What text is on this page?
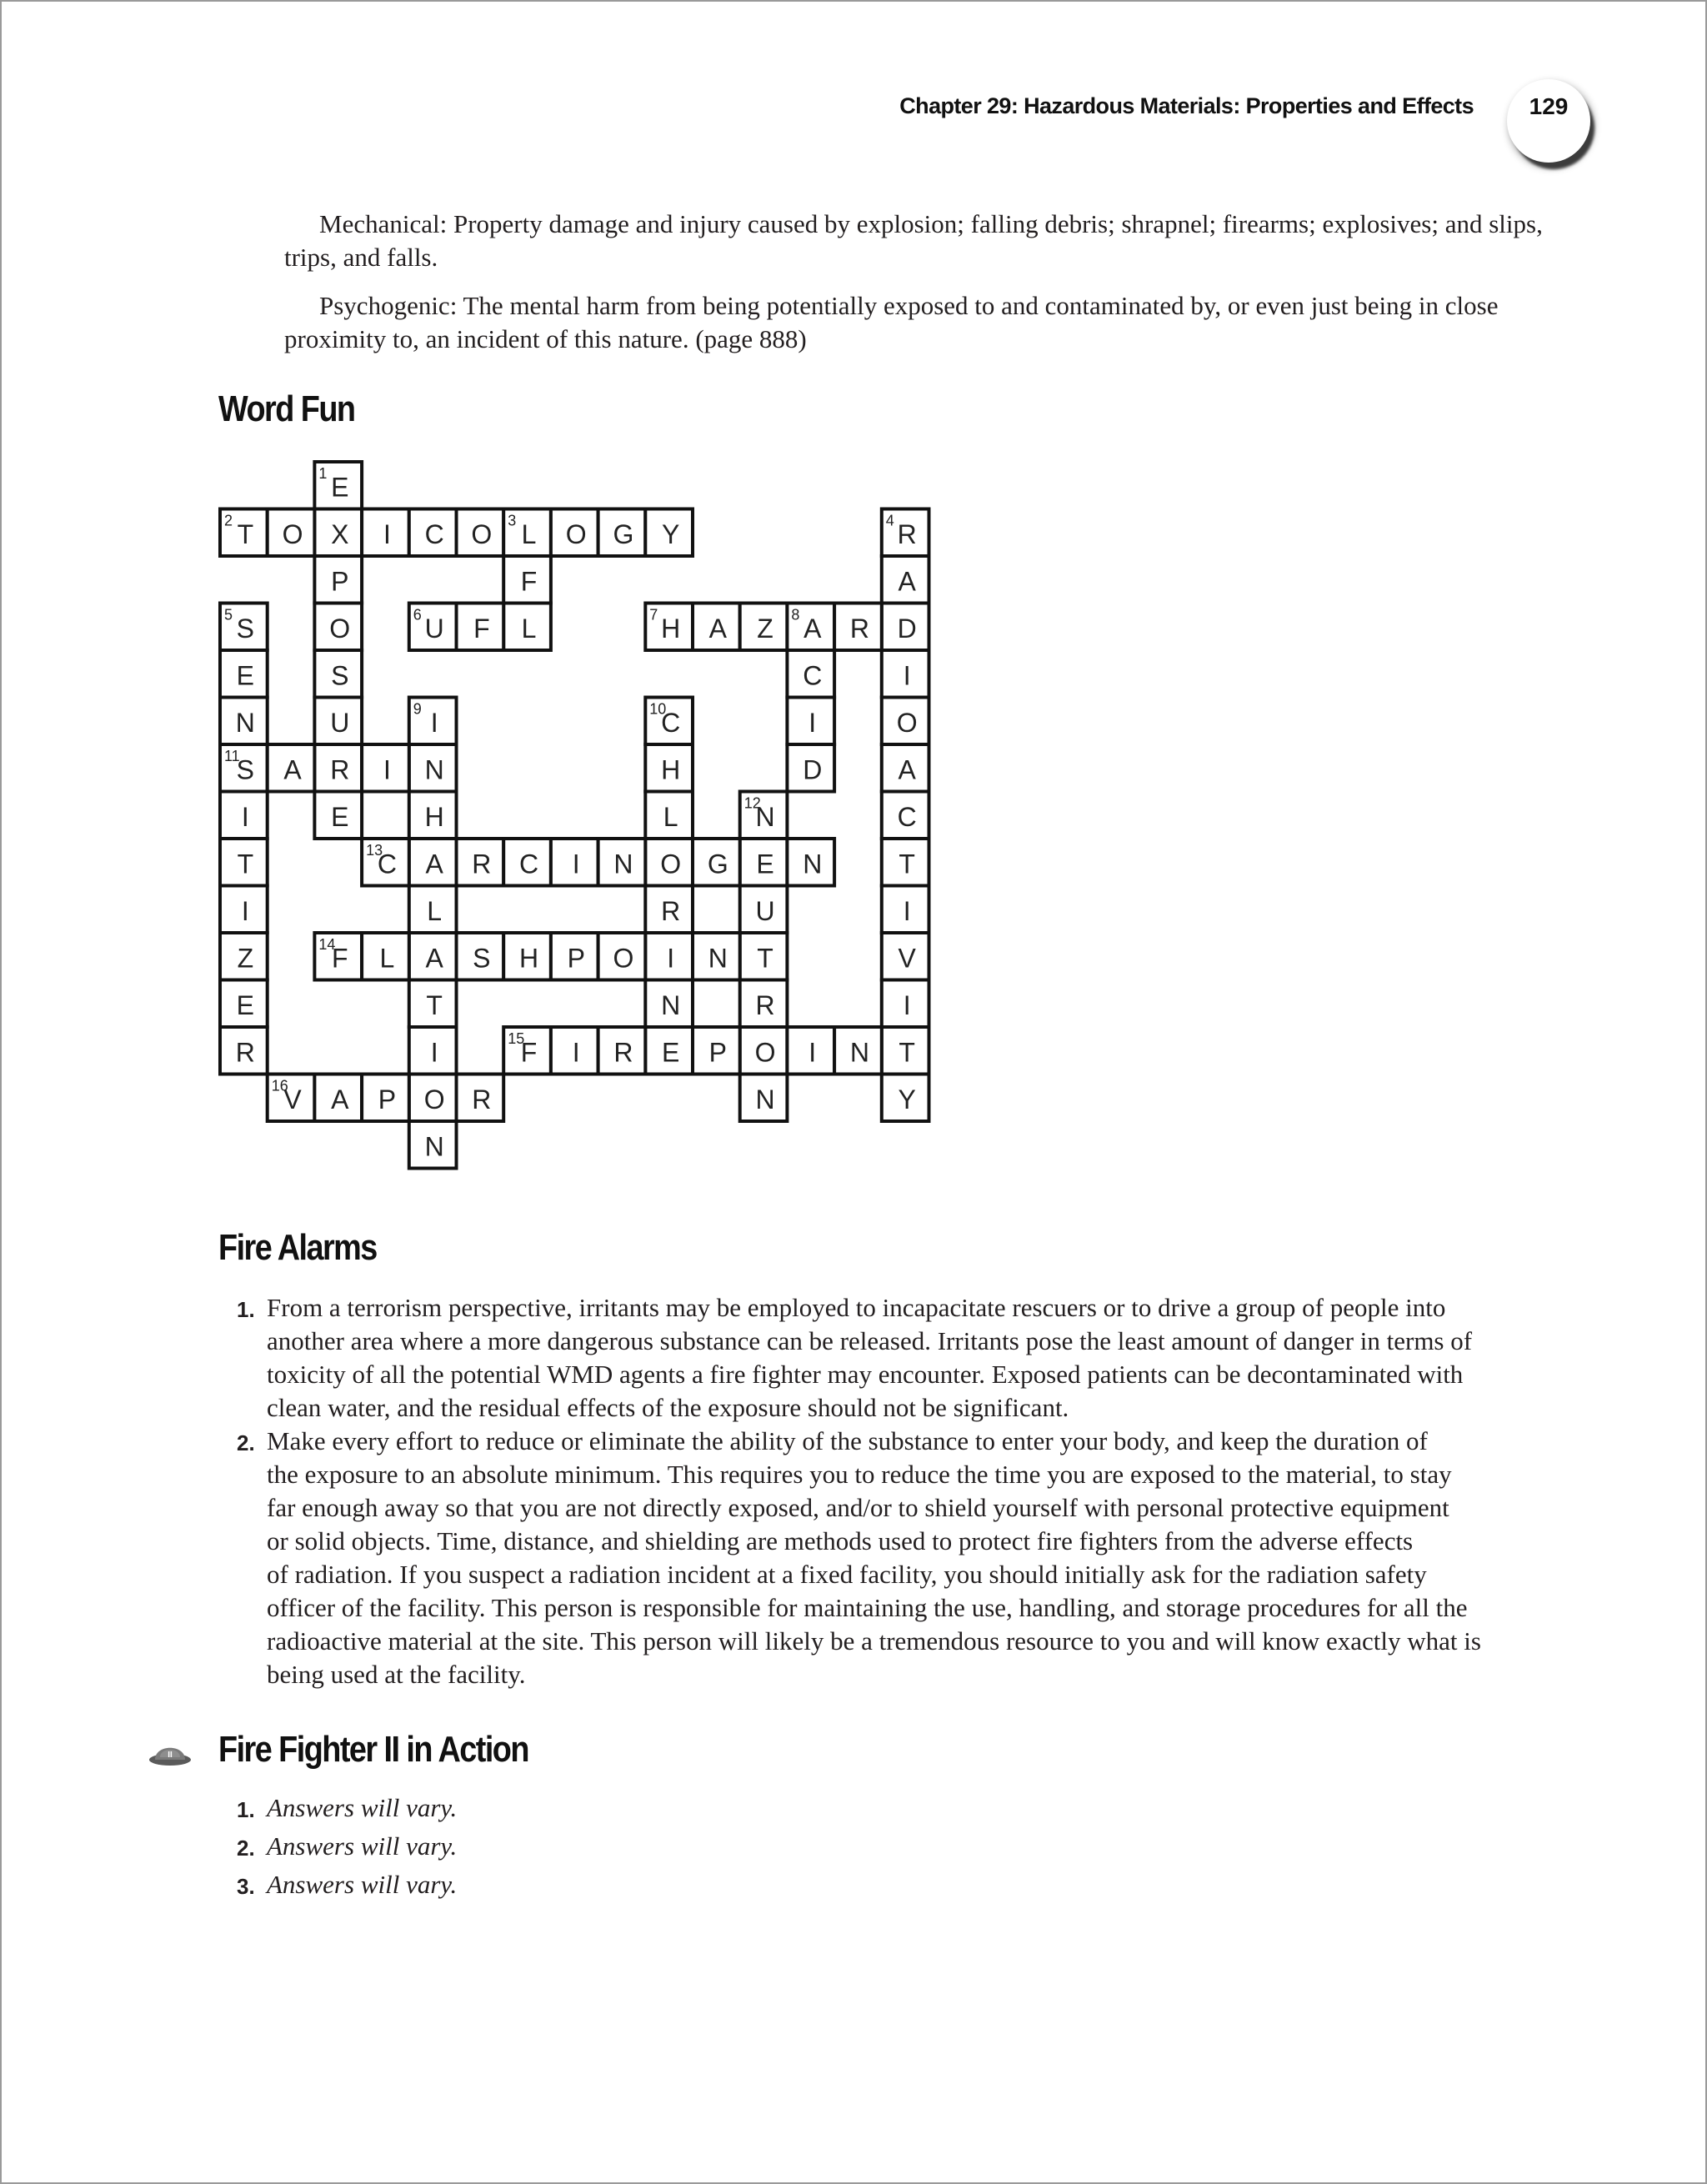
Chapter 29: Hazardous Materials: Properties and Effects	129

Mechanical: Property damage and injury caused by explosion; falling debris; shrapnel; firearms; explosives; and slips, trips, and falls.

Psychogenic: The mental harm from being potentially exposed to and contaminated by, or even just being in close proximity to, an incident of this nature. (page 888)

Word Fun
E
1
X
P
O
S
U
R
E
T
2 O	I C O L
3 O G Y
F
L
R
4
A
D
I
O
A
C
T
I
V
I
T
Y
S
5
E
N
S
11
I
T
I
Z
E
R
U
6 F	H
7 A Z A
8 R
C
I
D
I
9
N
H
A
L
A
T
I
O
N
C
10
H
L
O
R
I
N
E
A	I
N
12
E
U
T
R
O
N
C
13	R C I N	G	N
F
14 L	S H P O	N
F
15 I R	P	I N
V
16 A P	R
Fire Alarms
1. From a terrorism perspective, irritants may be employed to incapacitate rescuers or to drive a group of people into
another area where a more dangerous substance can be released. Irritants pose the least amount of danger in terms of
toxicity of all the potential WMD agents a fire fighter may encounter. Exposed patients can be decontaminated with
clean water, and the residual effects of the exposure should not be significant.
2. Make every effort to reduce or eliminate the ability of the substance to enter your body, and keep the duration of
the exposure to an absolute minimum. This requires you to reduce the time you are exposed to the material, to stay
far enough away so that you are not directly exposed, and/or to shield yourself with personal protective equipment
or solid objects. Time, distance, and shielding are methods used to protect fire fighters from the adverse effects
of radiation. If you suspect a radiation incident at a fixed facility, you should initially ask for the radiation safety
officer of the facility. This person is responsible for maintaining the use, handling, and storage procedures for all the
radioactive material at the site. This person will likely be a tremendous resource to you and will know exactly what is
being used at the facility.
II Fire Fighter II in Action
1. Answers will vary.
2. Answers will vary.
3. Answers will vary.
